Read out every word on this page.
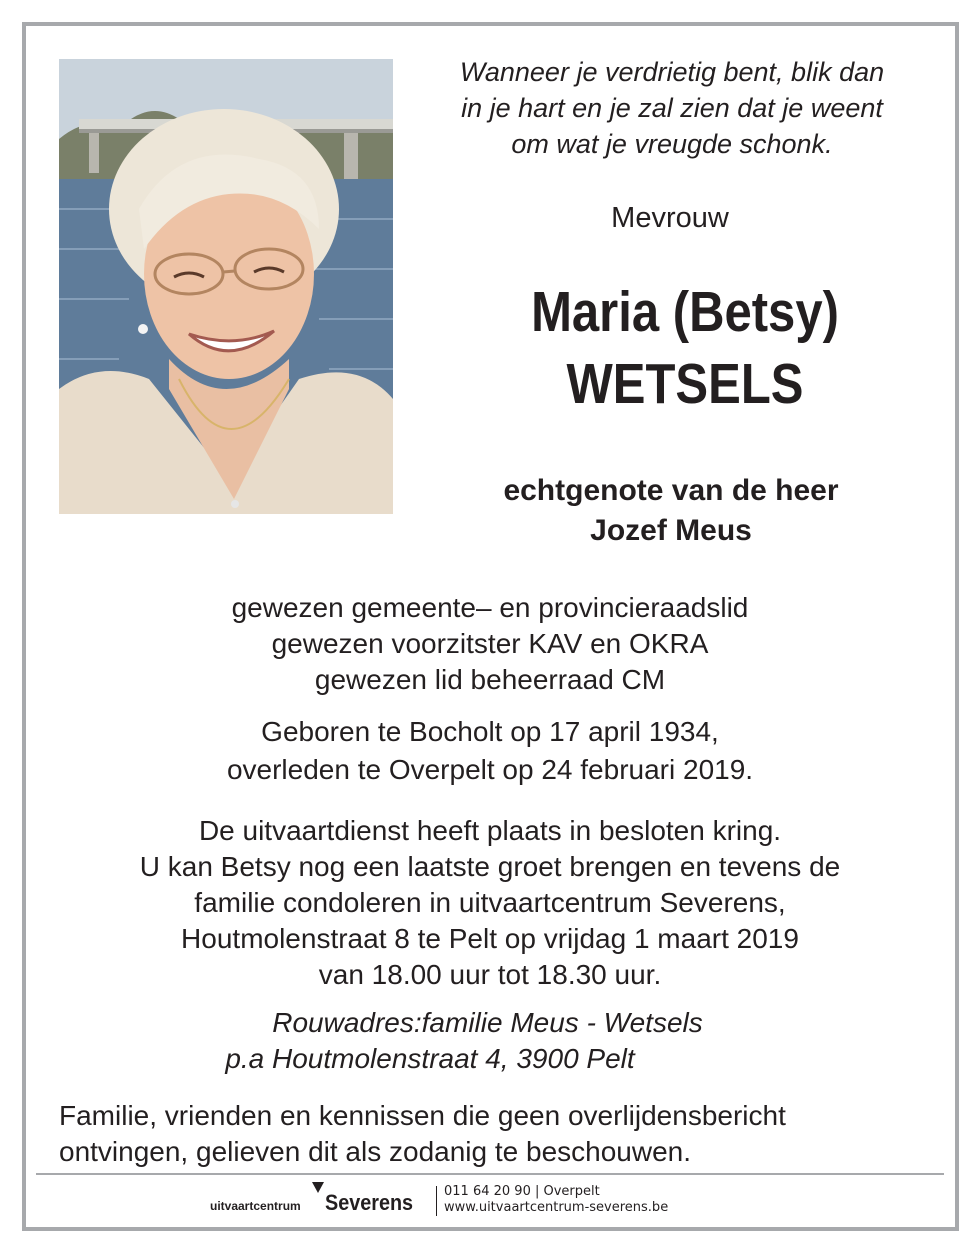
Wanneer je verdrietig bent, blik dan
in je hart en je zal zien dat je weent
om wat je vreugde schonk.
Mevrouw
Maria (Betsy)
WETSELS
echtgenote van de heer
Jozef Meus
gewezen gemeente– en provincieraadslid
gewezen voorzitster KAV en OKRA
gewezen lid beheerraad CM
Geboren te Bocholt op 17 april 1934,
overleden te Overpelt op 24 februari 2019.
De uitvaartdienst heeft plaats in besloten kring.
U kan Betsy nog een laatste groet brengen en tevens de
familie condoleren in uitvaartcentrum Severens,
Houtmolenstraat 8 te Pelt op vrijdag 1 maart 2019
van 18.00 uur tot 18.30 uur.
Rouwadres:familie Meus - Wetsels
p.a Houtmolenstraat 4, 3900 Pelt
Familie, vrienden en kennissen die geen overlijdensbericht
ontvingen, gelieven dit als zodanig te beschouwen.
uitvaartcentrum Severens 011 64 20 90 | Overpelt
www.uitvaartcentrum-severens.be
